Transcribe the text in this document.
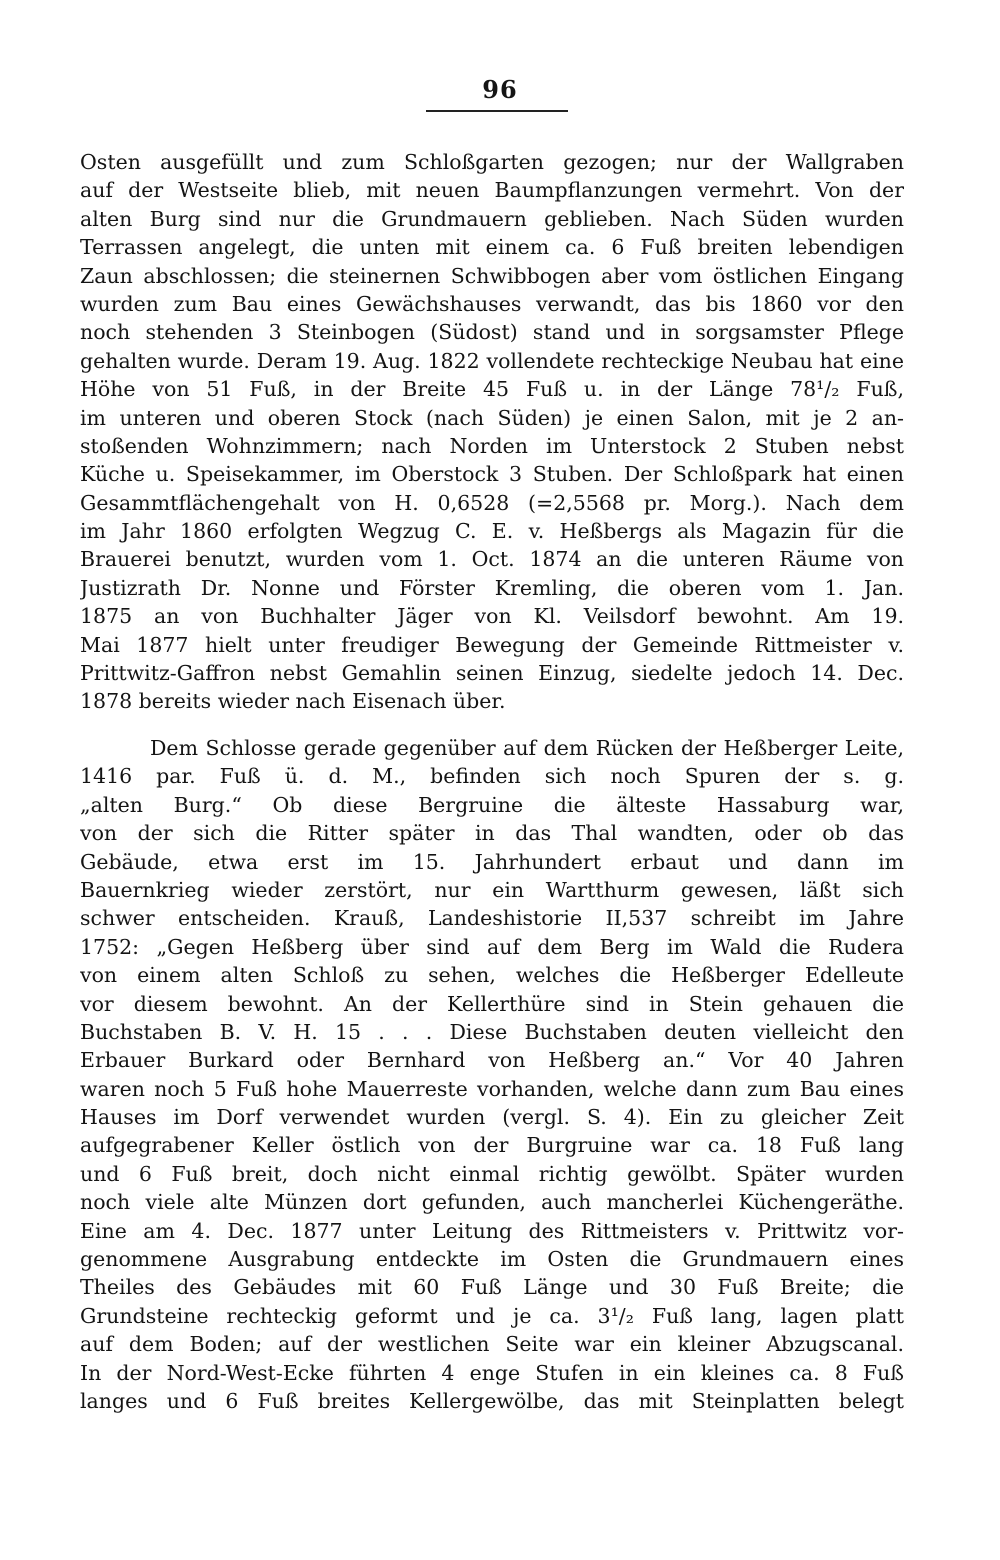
96
Osten ausgefüllt und zum Schloßgarten gezogen; nur der Wallgraben
auf der Westseite blieb, mit neuen Baumpflanzungen vermehrt. Von der
alten Burg sind nur die Grundmauern geblieben. Nach Süden wurden
Terrassen angelegt, die unten mit einem ca. 6 Fuß breiten lebendigen
Zaun abschlossen; die steinernen Schwibbogen aber vom östlichen Eingang
wurden zum Bau eines Gewächshauses verwandt, das bis 1860 vor den
noch stehenden 3 Steinbogen (Südost) stand und in sorgsamster Pflege
gehalten wurde. Deram 19. Aug. 1822 vollendete rechteckige Neubau hat eine
Höhe von 51 Fuß, in der Breite 45 Fuß u. in der Länge 78¹/₂ Fuß,
im unteren und oberen Stock (nach Süden) je einen Salon, mit je 2 an-
stoßenden Wohnzimmern; nach Norden im Unterstock 2 Stuben nebst
Küche u. Speisekammer, im Oberstock 3 Stuben. Der Schloßpark hat einen
Gesammtflächengehalt von H. 0,6528 (=2,5568 pr. Morg.). Nach dem
im Jahr 1860 erfolgten Wegzug C. E. v. Heßbergs als Magazin für die
Brauerei benutzt, wurden vom 1. Oct. 1874 an die unteren Räume von
Justizrath Dr. Nonne und Förster Kremling, die oberen vom 1. Jan.
1875 an von Buchhalter Jäger von Kl. Veilsdorf bewohnt. Am 19.
Mai 1877 hielt unter freudiger Bewegung der Gemeinde Rittmeister v.
Prittwitz-Gaffron nebst Gemahlin seinen Einzug, siedelte jedoch 14. Dec.
1878 bereits wieder nach Eisenach über.
Dem Schlosse gerade gegenüber auf dem Rücken der Heßberger Leite,
1416 par. Fuß ü. d. M., befinden sich noch Spuren der s. g.
„alten Burg.“ Ob diese Bergruine die älteste Hassaburg war,
von der sich die Ritter später in das Thal wandten, oder ob das
Gebäude, etwa erst im 15. Jahrhundert erbaut und dann im
Bauernkrieg wieder zerstört, nur ein Wartthurm gewesen, läßt sich
schwer entscheiden. Krauß, Landeshistorie II,537 schreibt im Jahre
1752: „Gegen Heßberg über sind auf dem Berg im Wald die Rudera
von einem alten Schloß zu sehen, welches die Heßberger Edelleute
vor diesem bewohnt. An der Kellerthüre sind in Stein gehauen die
Buchstaben B. V. H. 15 . . . Diese Buchstaben deuten vielleicht den
Erbauer Burkard oder Bernhard von Heßberg an.“ Vor 40 Jahren
waren noch 5 Fuß hohe Mauerreste vorhanden, welche dann zum Bau eines
Hauses im Dorf verwendet wurden (vergl. S. 4). Ein zu gleicher Zeit
aufgegrabener Keller östlich von der Burgruine war ca. 18 Fuß lang
und 6 Fuß breit, doch nicht einmal richtig gewölbt. Später wurden
noch viele alte Münzen dort gefunden, auch mancherlei Küchengeräthe.
Eine am 4. Dec. 1877 unter Leitung des Rittmeisters v. Prittwitz vor-
genommene Ausgrabung entdeckte im Osten die Grundmauern eines
Theiles des Gebäudes mit 60 Fuß Länge und 30 Fuß Breite; die
Grundsteine rechteckig geformt und je ca. 3¹/₂ Fuß lang, lagen platt
auf dem Boden; auf der westlichen Seite war ein kleiner Abzugscanal.
In der Nord-West-Ecke führten 4 enge Stufen in ein kleines ca. 8 Fuß
langes und 6 Fuß breites Kellergewölbe, das mit Steinplatten belegt
